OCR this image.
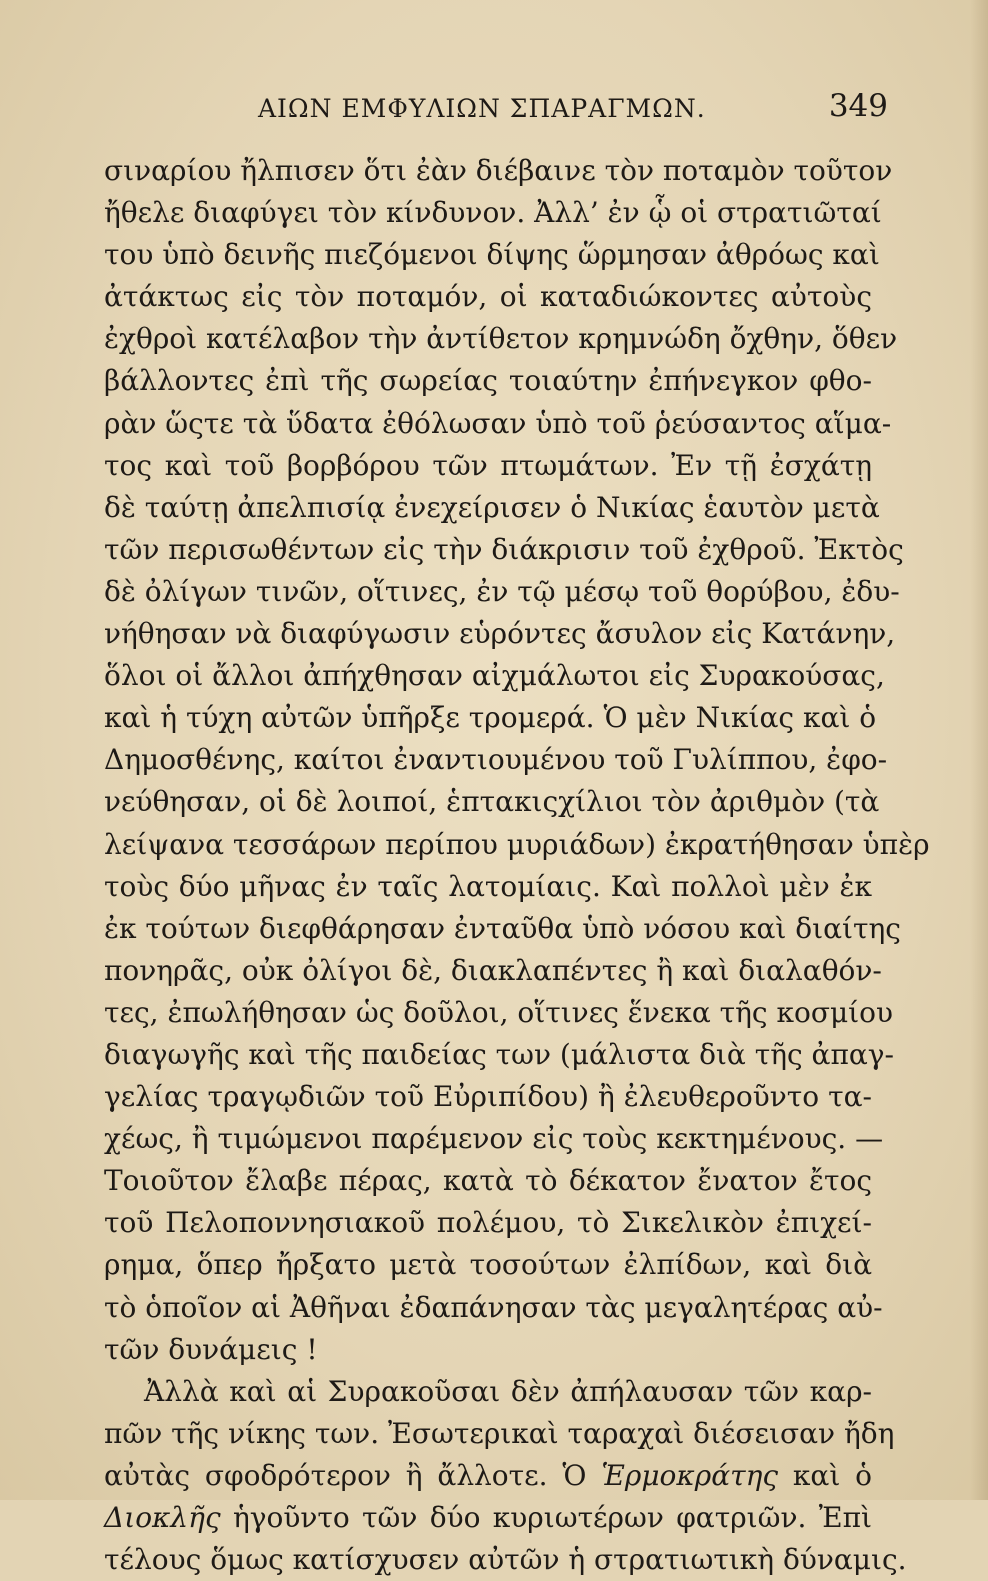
ΑΙΩΝ ΕΜΦΥΛΙΩΝ ΣΠΑΡΑΓΜΩΝ.	349
σιναρίου ἤλπισεν ὅτι ἐὰν διέβαινε τὸν ποταμὸν τοῦτον
ἤθελε διαφύγει τὸν κίνδυνον. Ἀλλ’ ἐν ᾧ οἱ στρατιῶταί
του ὑπὸ δεινῆς πιεζόμενοι δίψης ὥρμησαν ἀθρόως καὶ
ἀτάκτως εἰς τὸν ποταμόν, οἱ καταδιώκοντες αὐτοὺς
ἐχθροὶ κατέλαβον τὴν ἀντίθετον κρημνώδη ὄχθην, ὅθεν
βάλλοντες ἐπὶ τῆς σωρείας τοιαύτην ἐπήνεγκον φθο-
ρὰν ὥςτε τὰ ὕδατα ἐθόλωσαν ὑπὸ τοῦ ῥεύσαντος αἵμα-
τος καὶ τοῦ βορβόρου τῶν πτωμάτων. Ἐν τῇ ἐσχάτῃ
δὲ ταύτῃ ἀπελπισίᾳ ἐνεχείρισεν ὁ Νικίας ἑαυτὸν μετὰ
τῶν περισωθέντων εἰς τὴν διάκρισιν τοῦ ἐχθροῦ. Ἐκτὸς
δὲ ὀλίγων τινῶν, οἵτινες, ἐν τῷ μέσῳ τοῦ θορύβου, ἐδυ-
νήθησαν νὰ διαφύγωσιν εὑρόντες ἄσυλον εἰς Κατάνην,
ὅλοι οἱ ἄλλοι ἀπήχθησαν αἰχμάλωτοι εἰς Συρακούσας,
καὶ ἡ τύχη αὐτῶν ὑπῆρξε τρομερά. Ὁ μὲν Νικίας καὶ ὁ
Δημοσθένης, καίτοι ἐναντιουμένου τοῦ Γυλίππου, ἐφο-
νεύθησαν, οἱ δὲ λοιποί, ἑπτακιςχίλιοι τὸν ἀριθμὸν (τὰ
λείψανα τεσσάρων περίπου μυριάδων) ἐκρατήθησαν ὑπὲρ
τοὺς δύο μῆνας ἐν ταῖς λατομίαις. Καὶ πολλοὶ μὲν ἐκ
ἐκ τούτων διεφθάρησαν ἐνταῦθα ὑπὸ νόσου καὶ διαίτης
πονηρᾶς, οὐκ ὀλίγοι δὲ, διακλαπέντες ἢ καὶ διαλαθόν-
τες, ἐπωλήθησαν ὡς δοῦλοι, οἵτινες ἕνεκα τῆς κοσμίου
διαγωγῆς καὶ τῆς παιδείας των (μάλιστα διὰ τῆς ἀπαγ-
γελίας τραγῳδιῶν τοῦ Εὐριπίδου) ἢ ἐλευθεροῦντο τα-
χέως, ἢ τιμώμενοι παρέμενον εἰς τοὺς κεκτημένους. —
Τοιοῦτον ἔλαβε πέρας, κατὰ τὸ δέκατον ἔνατον ἔτος
τοῦ Πελοποννησιακοῦ πολέμου, τὸ Σικελικὸν ἐπιχεί-
ρημα, ὅπερ ἤρξατο μετὰ τοσούτων ἐλπίδων, καὶ διὰ
τὸ ὁποῖον αἱ Ἀθῆναι ἐδαπάνησαν τὰς μεγαλητέρας αὐ-
τῶν δυνάμεις !
Ἀλλὰ καὶ αἱ Συρακοῦσαι δὲν ἀπήλαυσαν τῶν καρ-
πῶν τῆς νίκης των. Ἐσωτερικαὶ ταραχαὶ διέσεισαν ἤδη
αὐτὰς σφοδρότερον ἢ ἄλλοτε. Ὁ Ἑρμοκράτης καὶ ὁ
Διοκλῆς ἡγοῦντο τῶν δύο κυριωτέρων φατριῶν. Ἐπὶ
τέλους ὅμως κατίσχυσεν αὐτῶν ἡ στρατιωτικὴ δύναμις.
